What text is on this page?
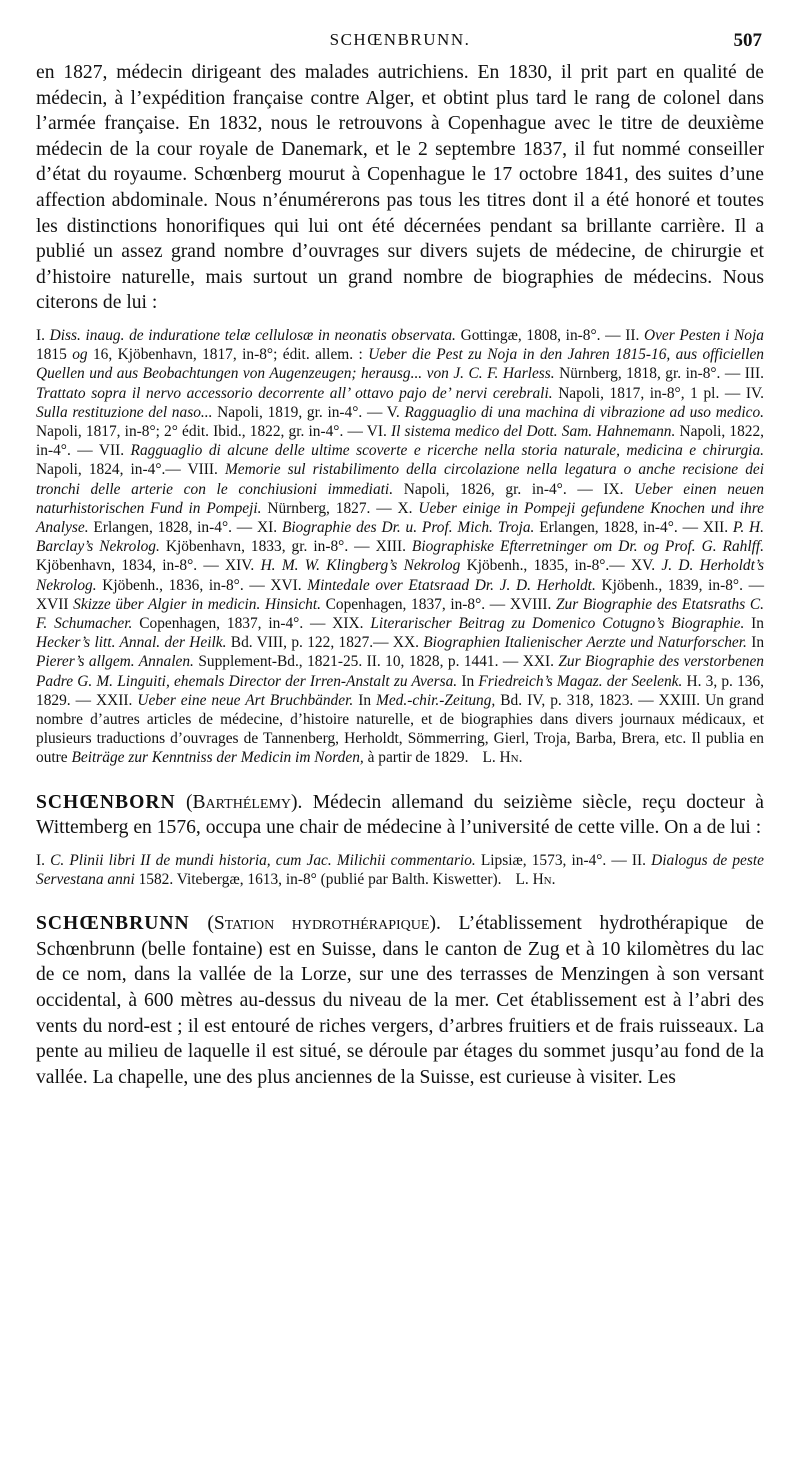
SCHŒNBRUNN.	507

en 1827, médecin dirigeant des malades autrichiens. En 1830, il prit part en qualité de médecin, à l’expédition française contre Alger, et obtint plus tard le rang de colonel dans l’armée française. En 1832, nous le retrouvons à Copenhague avec le titre de deuxième médecin de la cour royale de Danemark, et le 2 septembre 1837, il fut nommé conseiller d’état du royaume. Schœnberg mourut à Copenhague le 17 octobre 1841, des suites d’une affection abdominale. Nous n’énumérerons pas tous les titres dont il a été honoré et toutes les distinctions honorifiques qui lui ont été décernées pendant sa brillante carrière. Il a publié un assez grand nombre d’ouvrages sur divers sujets de médecine, de chirurgie et d’histoire naturelle, mais surtout un grand nombre de biographies de médecins. Nous citerons de lui :

I. Diss. inaug. de induratione telæ cellulosæ in neonatis observata. Gottingæ, 1808, in-8°. — II. Over Pesten i Noja 1815 og 16, Kjöbenhavn, 1817, in-8°; édit. allem. : Ueber die Pest zu Noja in den Jahren 1815-16, aus officiellen Quellen und aus Beobachtungen von Augenzeugen; herausg... von J. C. F. Harless. Nürnberg, 1818, gr. in-8°. — III. Trattato sopra il nervo accessorio decorrente all’ ottavo pajo de’ nervi cerebrali. Napoli, 1817, in-8°, 1 pl. — IV. Sulla restituzione del naso... Napoli, 1819, gr. in-4°. — V. Ragguaglio di una machina di vibrazione ad uso medico. Napoli, 1817, in-8°; 2° édit. Ibid., 1822, gr. in-4°. — VI. Il sistema medico del Dott. Sam. Hahnemann. Napoli, 1822, in-4°. — VII. Ragguaglio di alcune delle ultime scoverte e ricerche nella storia naturale, medicina e chirurgia. Napoli, 1824, in-4°.— VIII. Memorie sul ristabilimento della circolazione nella legatura o anche recisione dei tronchi delle arterie con le conchiusioni immediati. Napoli, 1826, gr. in-4°. — IX. Ueber einen neuen naturhistorischen Fund in Pompeji. Nürnberg, 1827. — X. Ueber einige in Pompeji gefundene Knochen und ihre Analyse. Erlangen, 1828, in-4°. — XI. Biographie des Dr. u. Prof. Mich. Troja. Erlangen, 1828, in-4°. — XII. P. H. Barclay’s Nekrolog. Kjöbenhavn, 1833, gr. in-8°. — XIII. Biographiske Efterretninger om Dr. og Prof. G. Rahlff. Kjöbenhavn, 1834, in-8°. — XIV. H. M. W. Klingberg’s Nekrolog Kjöbenh., 1835, in-8°.— XV. J. D. Herholdt’s Nekrolog. Kjöbenh., 1836, in-8°. — XVI. Mintedale over Etatsraad Dr. J. D. Herholdt. Kjöbenh., 1839, in-8°. — XVII Skizze über Algier in medicin. Hinsicht. Copenhagen, 1837, in-8°. — XVIII. Zur Biographie des Etatsraths C. F. Schumacher. Copenhagen, 1837, in-4°. — XIX. Literarischer Beitrag zu Domenico Cotugno’s Biographie. In Hecker’s litt. Annal. der Heilk. Bd. VIII, p. 122, 1827.— XX. Biographien Italienischer Aerzte und Naturforscher. In Pierer’s allgem. Annalen. Supplement-Bd., 1821-25. II. 10, 1828, p. 1441. — XXI. Zur Biographie des verstorbenen Padre G. M. Linguiti, ehemals Director der Irren-Anstalt zu Aversa. In Friedreich’s Magaz. der Seelenk. H. 3, p. 136, 1829. — XXII. Ueber eine neue Art Bruchbänder. In Med.-chir.-Zeitung, Bd. IV, p. 318, 1823. — XXIII. Un grand nombre d’autres articles de médecine, d’histoire naturelle, et de biographies dans divers journaux médicaux, et plusieurs traductions d’ouvrages de Tannenberg, Herholdt, Sömmerring, Gierl, Troja, Barba, Brera, etc. Il publia en outre Beiträge zur Kenntniss der Medicin im Norden, à partir de 1829. L. Hn.

SCHŒNBORN (Barthélemy). Médecin allemand du seizième siècle, reçu docteur à Wittemberg en 1576, occupa une chair de médecine à l’université de cette ville. On a de lui :

I. C. Plinii libri II de mundi historia, cum Jac. Milichii commentario. Lipsiæ, 1573, in-4°. — II. Dialogus de peste Servestana anni 1582. Vitebergæ, 1613, in-8° (publié par Balth. Kiswetter). L. Hn.

SCHŒNBRUNN (Station hydrothérapique). L’établissement hydrothérapique de Schœnbrunn (belle fontaine) est en Suisse, dans le canton de Zug et à 10 kilomètres du lac de ce nom, dans la vallée de la Lorze, sur une des terrasses de Menzingen à son versant occidental, à 600 mètres au-dessus du niveau de la mer. Cet établissement est à l’abri des vents du nord-est ; il est entouré de riches vergers, d’arbres fruitiers et de frais ruisseaux. La pente au milieu de laquelle il est situé, se déroule par étages du sommet jusqu’au fond de la vallée. La chapelle, une des plus anciennes de la Suisse, est curieuse à visiter. Les
